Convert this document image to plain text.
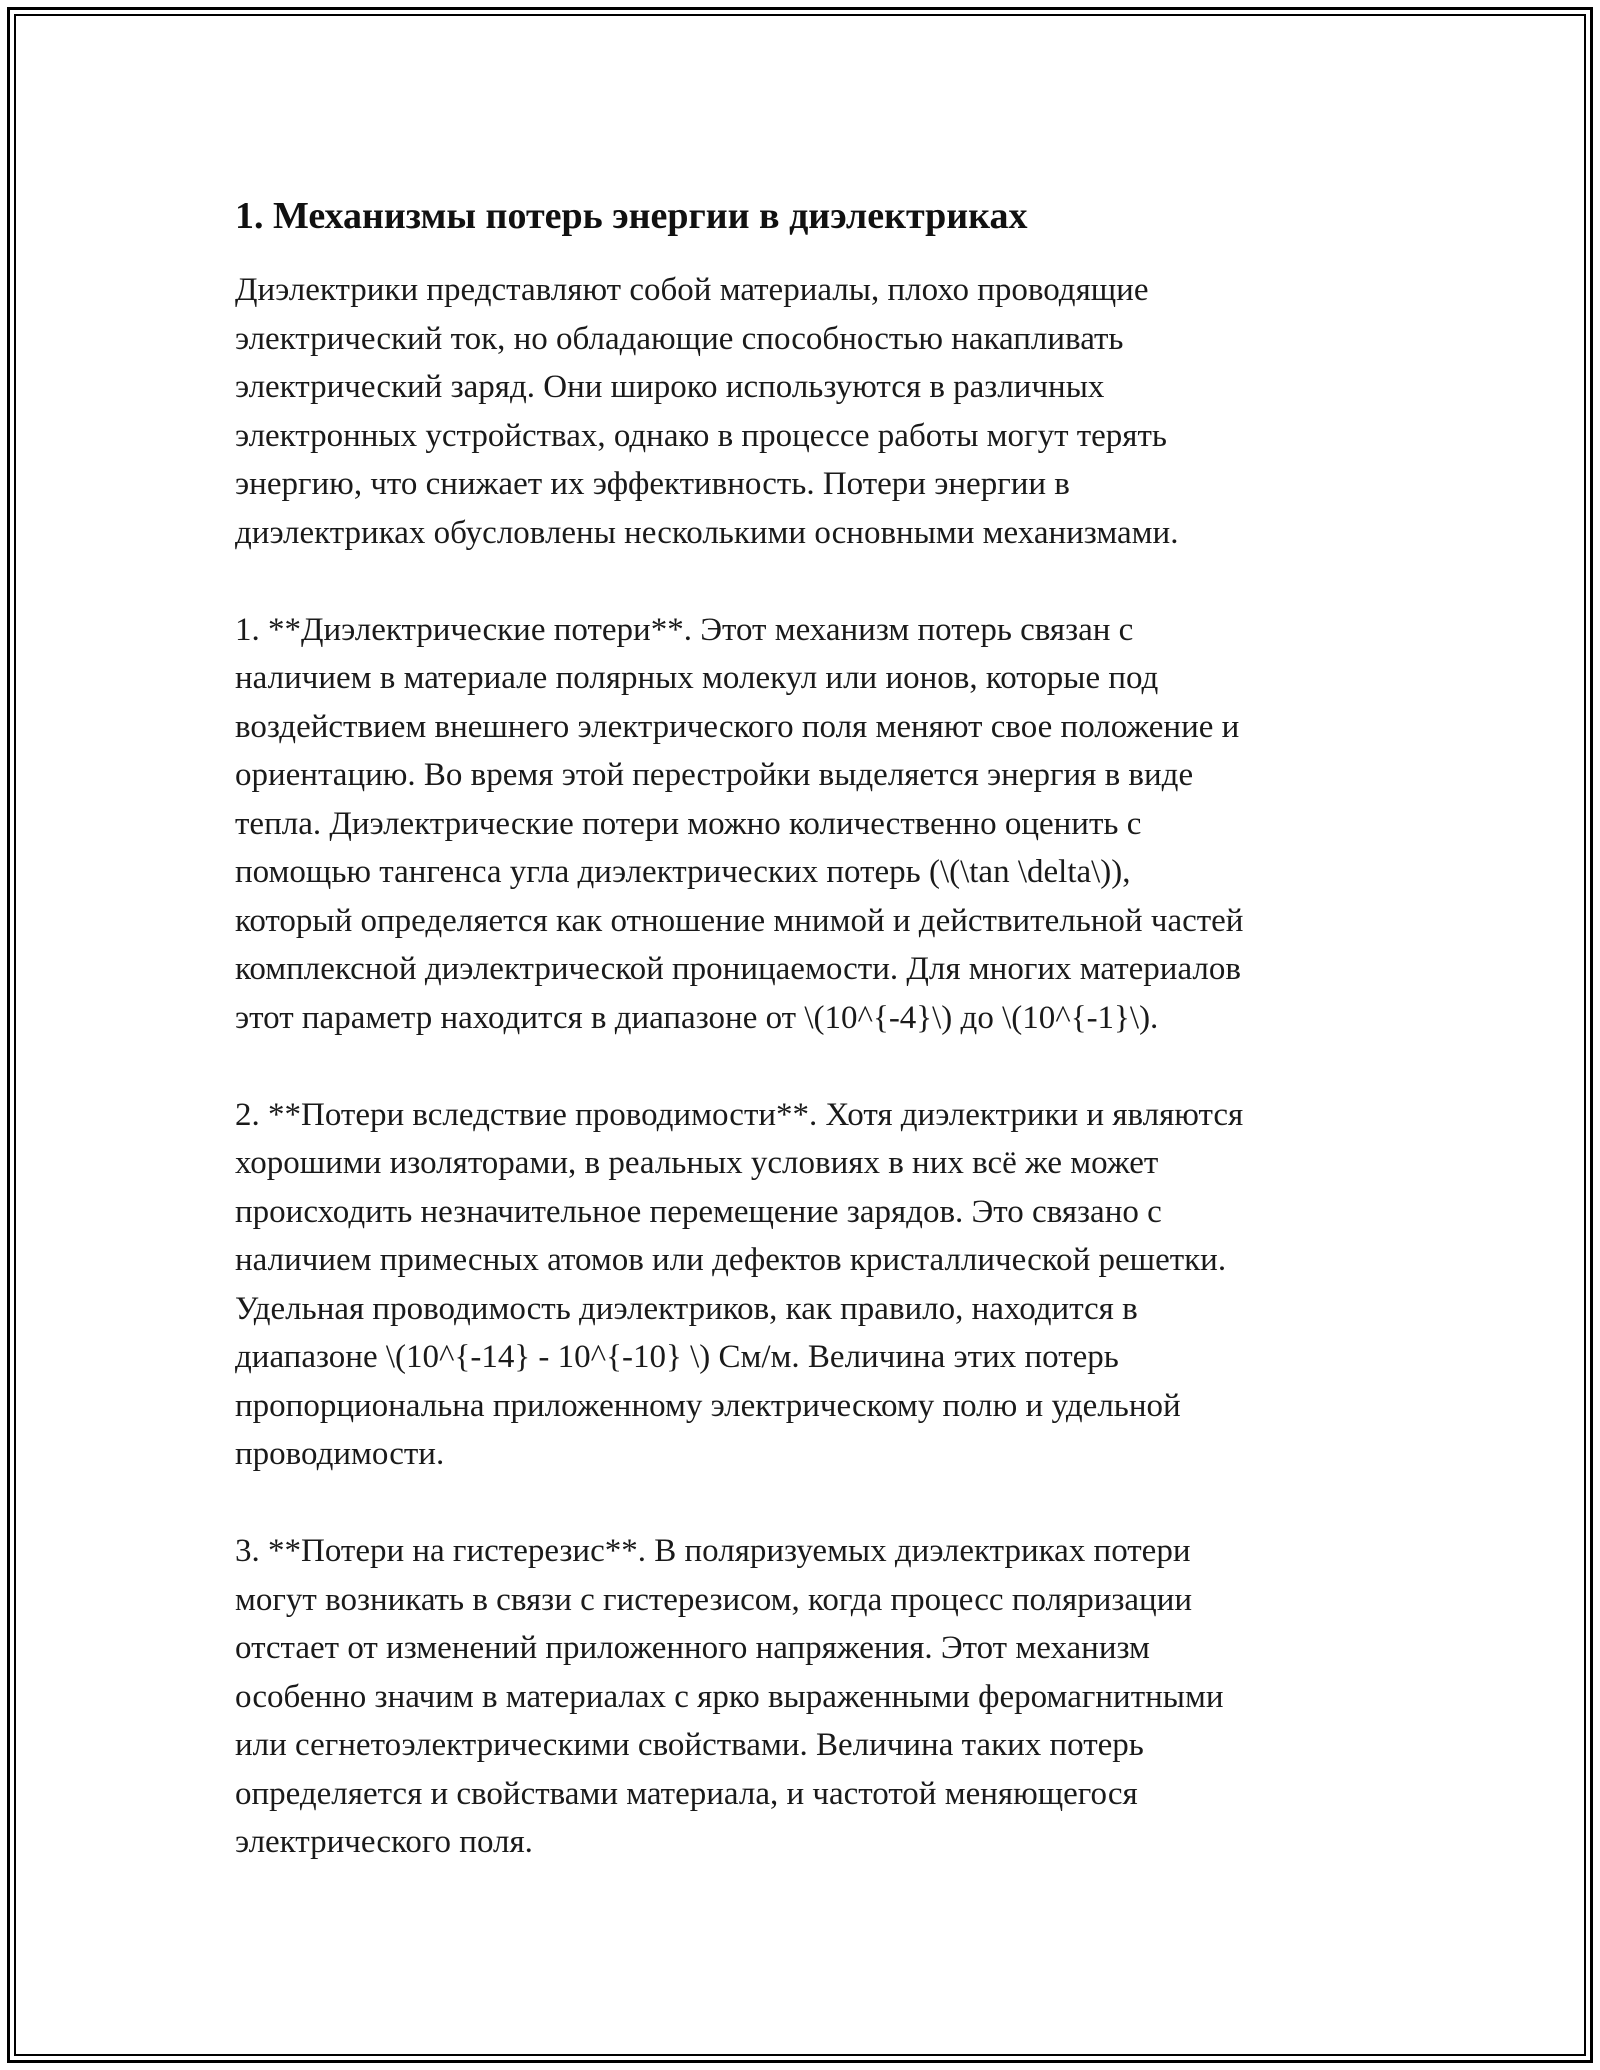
1. Механизмы потерь энергии в диэлектриках

Диэлектрики представляют собой материалы, плохо проводящие
электрический ток, но обладающие способностью накапливать
электрический заряд. Они широко используются в различных
электронных устройствах, однако в процессе работы могут терять
энергию, что снижает их эффективность. Потери энергии в
диэлектриках обусловлены несколькими основными механизмами.

1. **Диэлектрические потери**. Этот механизм потерь связан с
наличием в материале полярных молекул или ионов, которые под
воздействием внешнего электрического поля меняют свое положение и
ориентацию. Во время этой перестройки выделяется энергия в виде
тепла. Диэлектрические потери можно количественно оценить с
помощью тангенса угла диэлектрических потерь (\(\tan \delta\)),
который определяется как отношение мнимой и действительной частей
комплексной диэлектрической проницаемости. Для многих материалов
этот параметр находится в диапазоне от \(10^{-4}\) до \(10^{-1}\).

2. **Потери вследствие проводимости**. Хотя диэлектрики и являются
хорошими изоляторами, в реальных условиях в них всё же может
происходить незначительное перемещение зарядов. Это связано с
наличием примесных атомов или дефектов кристаллической решетки.
Удельная проводимость диэлектриков, как правило, находится в
диапазоне \(10^{-14} - 10^{-10} \) См/м. Величина этих потерь
пропорциональна приложенному электрическому полю и удельной
проводимости.

3. **Потери на гистерезис**. В поляризуемых диэлектриках потери
могут возникать в связи с гистерезисом, когда процесс поляризации
отстает от изменений приложенного напряжения. Этот механизм
особенно значим в материалах с ярко выраженными феромагнитными
или сегнетоэлектрическими свойствами. Величина таких потерь
определяется и свойствами материала, и частотой меняющегося
электрического поля.
